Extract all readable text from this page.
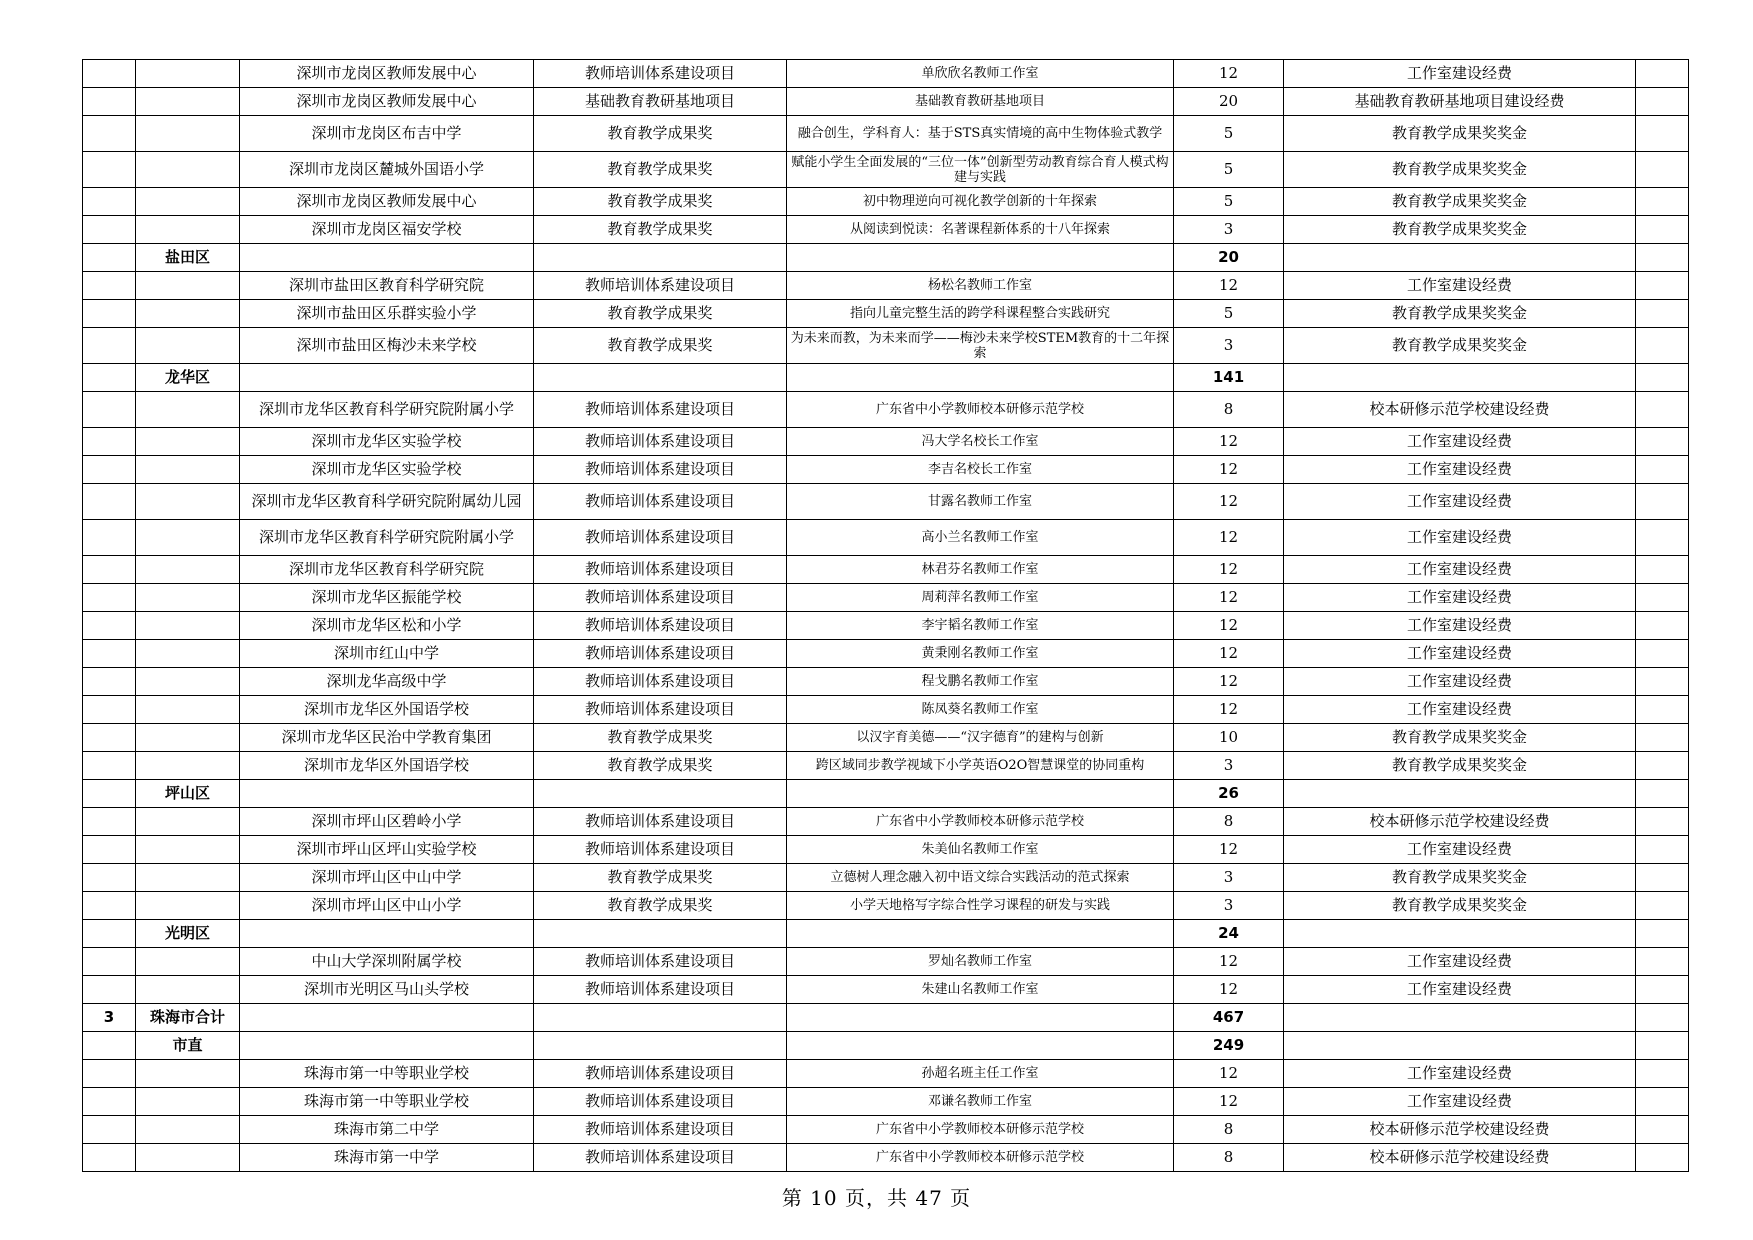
		深圳市龙岗区教师发展中心	教师培训体系建设项目	单欣欣名教师工作室	12	工作室建设经费	
		深圳市龙岗区教师发展中心	基础教育教研基地项目	基础教育教研基地项目	20	基础教育教研基地项目建设经费	
		深圳市龙岗区布吉中学	教育教学成果奖	融合创生，学科育人：基于STS真实情境的高中生物体验式教学	5	教育教学成果奖奖金	
		深圳市龙岗区麓城外国语小学	教育教学成果奖	赋能小学生全面发展的“三位一体”创新型劳动教育综合育人模式构建与实践	5	教育教学成果奖奖金	
		深圳市龙岗区教师发展中心	教育教学成果奖	初中物理逆向可视化教学创新的十年探索	5	教育教学成果奖奖金	
		深圳市龙岗区福安学校	教育教学成果奖	从阅读到悦读：名著课程新体系的十八年探索	3	教育教学成果奖奖金	
	盐田区				20		
		深圳市盐田区教育科学研究院	教师培训体系建设项目	杨松名教师工作室	12	工作室建设经费	
		深圳市盐田区乐群实验小学	教育教学成果奖	指向儿童完整生活的跨学科课程整合实践研究	5	教育教学成果奖奖金	
		深圳市盐田区梅沙未来学校	教育教学成果奖	为未来而教，为未来而学——梅沙未来学校STEM教育的十二年探索	3	教育教学成果奖奖金	
	龙华区				141		
		深圳市龙华区教育科学研究院附属小学	教师培训体系建设项目	广东省中小学教师校本研修示范学校	8	校本研修示范学校建设经费	
		深圳市龙华区实验学校	教师培训体系建设项目	冯大学名校长工作室	12	工作室建设经费	
		深圳市龙华区实验学校	教师培训体系建设项目	李吉名校长工作室	12	工作室建设经费	
		深圳市龙华区教育科学研究院附属幼儿园	教师培训体系建设项目	甘露名教师工作室	12	工作室建设经费	
		深圳市龙华区教育科学研究院附属小学	教师培训体系建设项目	高小兰名教师工作室	12	工作室建设经费	
		深圳市龙华区教育科学研究院	教师培训体系建设项目	林君芬名教师工作室	12	工作室建设经费	
		深圳市龙华区振能学校	教师培训体系建设项目	周莉萍名教师工作室	12	工作室建设经费	
		深圳市龙华区松和小学	教师培训体系建设项目	李宇韬名教师工作室	12	工作室建设经费	
		深圳市红山中学	教师培训体系建设项目	黄秉刚名教师工作室	12	工作室建设经费	
		深圳龙华高级中学	教师培训体系建设项目	程戈鹏名教师工作室	12	工作室建设经费	
		深圳市龙华区外国语学校	教师培训体系建设项目	陈凤葵名教师工作室	12	工作室建设经费	
		深圳市龙华区民治中学教育集团	教育教学成果奖	以汉字育美德——“汉字德育”的建构与创新	10	教育教学成果奖奖金	
		深圳市龙华区外国语学校	教育教学成果奖	跨区域同步教学视域下小学英语O2O智慧课堂的协同重构	3	教育教学成果奖奖金	
	坪山区				26		
		深圳市坪山区碧岭小学	教师培训体系建设项目	广东省中小学教师校本研修示范学校	8	校本研修示范学校建设经费	
		深圳市坪山区坪山实验学校	教师培训体系建设项目	朱美仙名教师工作室	12	工作室建设经费	
		深圳市坪山区中山中学	教育教学成果奖	立德树人理念融入初中语文综合实践活动的范式探索	3	教育教学成果奖奖金	
		深圳市坪山区中山小学	教育教学成果奖	小学天地格写字综合性学习课程的研发与实践	3	教育教学成果奖奖金	
	光明区				24		
		中山大学深圳附属学校	教师培训体系建设项目	罗灿名教师工作室	12	工作室建设经费	
		深圳市光明区马山头学校	教师培训体系建设项目	朱建山名教师工作室	12	工作室建设经费	
3	珠海市合计				467		
	市直				249		
		珠海市第一中等职业学校	教师培训体系建设项目	孙超名班主任工作室	12	工作室建设经费	
		珠海市第一中等职业学校	教师培训体系建设项目	邓谦名教师工作室	12	工作室建设经费	
		珠海市第二中学	教师培训体系建设项目	广东省中小学教师校本研修示范学校	8	校本研修示范学校建设经费	
		珠海市第一中学	教师培训体系建设项目	广东省中小学教师校本研修示范学校	8	校本研修示范学校建设经费	
第 10 页，共 47 页
